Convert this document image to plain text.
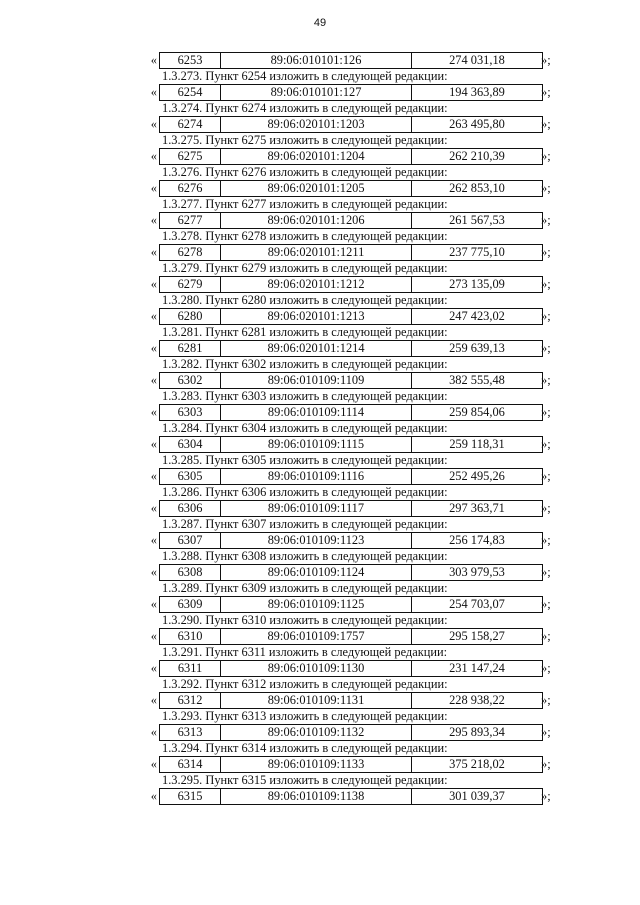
49
«	6253	89:06:010101:126	274 031,18	»;
1.3.273. Пункт 6254 изложить в следующей редакции:
«	6254	89:06:010101:127	194 363,89	»;
1.3.274. Пункт 6274 изложить в следующей редакции:
«	6274	89:06:020101:1203	263 495,80	»;
1.3.275. Пункт 6275 изложить в следующей редакции:
«	6275	89:06:020101:1204	262 210,39	»;
1.3.276. Пункт 6276 изложить в следующей редакции:
«	6276	89:06:020101:1205	262 853,10	»;
1.3.277. Пункт 6277 изложить в следующей редакции:
«	6277	89:06:020101:1206	261 567,53	»;
1.3.278. Пункт 6278 изложить в следующей редакции:
«	6278	89:06:020101:1211	237 775,10	»;
1.3.279. Пункт 6279 изложить в следующей редакции:
«	6279	89:06:020101:1212	273 135,09	»;
1.3.280. Пункт 6280 изложить в следующей редакции:
«	6280	89:06:020101:1213	247 423,02	»;
1.3.281. Пункт 6281 изложить в следующей редакции:
«	6281	89:06:020101:1214	259 639,13	»;
1.3.282. Пункт 6302 изложить в следующей редакции:
«	6302	89:06:010109:1109	382 555,48	»;
1.3.283. Пункт 6303 изложить в следующей редакции:
«	6303	89:06:010109:1114	259 854,06	»;
1.3.284. Пункт 6304 изложить в следующей редакции:
«	6304	89:06:010109:1115	259 118,31	»;
1.3.285. Пункт 6305 изложить в следующей редакции:
«	6305	89:06:010109:1116	252 495,26	»;
1.3.286. Пункт 6306 изложить в следующей редакции:
«	6306	89:06:010109:1117	297 363,71	»;
1.3.287. Пункт 6307 изложить в следующей редакции:
«	6307	89:06:010109:1123	256 174,83	»;
1.3.288. Пункт 6308 изложить в следующей редакции:
«	6308	89:06:010109:1124	303 979,53	»;
1.3.289. Пункт 6309 изложить в следующей редакции:
«	6309	89:06:010109:1125	254 703,07	»;
1.3.290. Пункт 6310 изложить в следующей редакции:
«	6310	89:06:010109:1757	295 158,27	»;
1.3.291. Пункт 6311 изложить в следующей редакции:
«	6311	89:06:010109:1130	231 147,24	»;
1.3.292. Пункт 6312 изложить в следующей редакции:
«	6312	89:06:010109:1131	228 938,22	»;
1.3.293. Пункт 6313 изложить в следующей редакции:
«	6313	89:06:010109:1132	295 893,34	»;
1.3.294. Пункт 6314 изложить в следующей редакции:
«	6314	89:06:010109:1133	375 218,02	»;
1.3.295. Пункт 6315 изложить в следующей редакции:
«	6315	89:06:010109:1138	301 039,37	»;
